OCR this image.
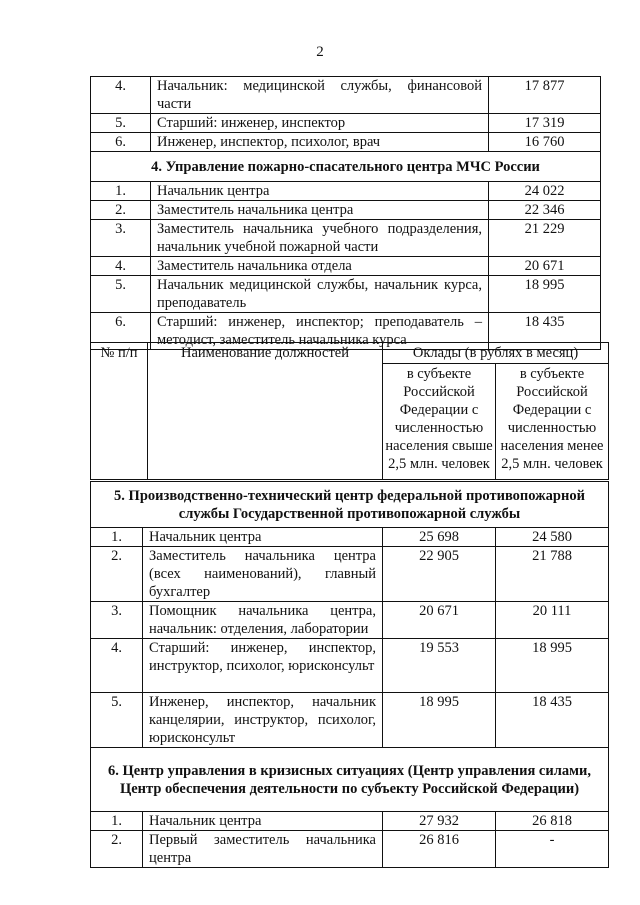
2
4.	Начальник: медицинской службы, финансовой части	17 877
5.	Старший: инженер, инспектор	17 319
6.	Инженер, инспектор, психолог, врач	16 760
4. Управление пожарно-спасательного центра МЧС России		
1.	Начальник центра	24 022
2.	Заместитель начальника центра	22 346
3.	Заместитель начальника учебного подразделения, начальник учебной пожарной части	21 229
4.	Заместитель начальника отдела	20 671
5.	Начальник медицинской службы, начальник курса, преподаватель	18 995
6.	Старший: инженер, инспектор; преподаватель – методист, заместитель начальника курса	18 435
№ п/п	Наименование должностей	Оклады (в рублях в месяц)	
		в субъекте Российской Федерации с численностью населения свыше 2,5 млн. человек	в субъекте Российской Федерации с численностью населения менее 2,5 млн. человек
5. Производственно-технический центр федеральной противопожарной службы Государственной противопожарной службы			
1.	Начальник центра	25 698	24 580
2.	Заместитель начальника центра (всех наименований), главный бухгалтер	22 905	21 788
3.	Помощник начальника центра, начальник: отделения, лаборатории	20 671	20 111
4.	Старший: инженер, инспектор, инструктор, психолог, юрисконсульт	19 553	18 995
5.	Инженер, инспектор, начальник канцелярии, инструктор, психолог, юрисконсульт	18 995	18 435
6. Центр управления в кризисных ситуациях (Центр управления силами, Центр обеспечения деятельности по субъекту Российской Федерации)			
1.	Начальник центра	27 932	26 818
2.	Первый заместитель начальника центра	26 816	-
